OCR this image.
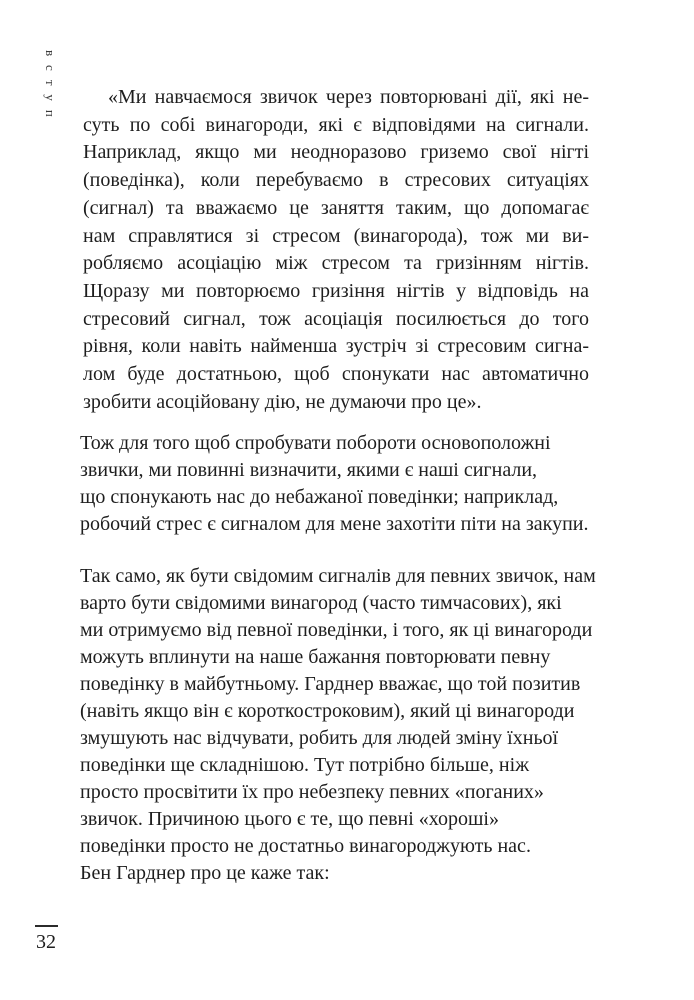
вступ	«Ми навчаємося звичок через повторювані дії, які не-
суть по собі винагороди, які є відповідями на сигнали.
Наприклад, якщо ми неодноразово гриземо свої нігті
(поведінка), коли перебуваємо в стресових ситуаціях
(сигнал) та вважаємо це заняття таким, що допомагає
нам справлятися зі стресом (винагорода), тож ми ви-
робляємо асоціацію між стресом та гризінням нігтів.
Щоразу ми повторюємо гризіння нігтів у відповідь на
стресовий сигнал, тож асоціація посилюється до того
рівня, коли навіть найменша зустріч зі стресовим сигна-
лом буде достатньою, щоб спонукати нас автоматично
зробити асоційовану дію, не думаючи про це».
Тож для того щоб спробувати побороти основоположні
звички, ми повинні визначити, якими є наші сигнали,
що спонукають нас до небажаної поведінки; наприклад,
робочий стрес є сигналом для мене захотіти піти на закупи.
Так само, як бути свідомим сигналів для певних звичок, нам
варто бути свідомими винагород (часто тимчасових), які
ми отримуємо від певної поведінки, і того, як ці винагороди
можуть вплинути на наше бажання повторювати певну
поведінку в майбутньому. Гарднер вважає, що той позитив
(навіть якщо він є короткостроковим), який ці винагороди
змушують нас відчувати, робить для людей зміну їхньої
поведінки ще складнішою. Тут потрібно більше, ніж
просто просвітити їх про небезпеку певних «поганих»
звичок. Причиною цього є те, що певні «хороші»
поведінки просто не достатньо винагороджують нас.
Бен Гарднер про це каже так:
32
